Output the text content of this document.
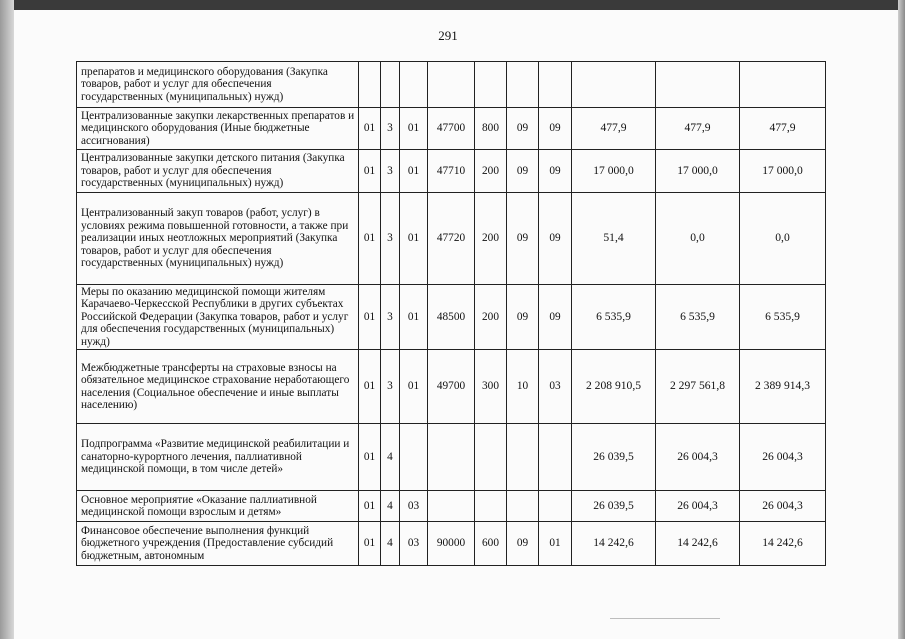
291
препаратов и медицинского оборудования (Закупка товаров, работ и услуг для обеспечения государственных (муниципальных) нужд)										
Централизованные закупки лекарственных препаратов и медицинского оборудования (Иные бюджетные ассигнования)	01	3	01	47700	800	09	09	477,9	477,9	477,9
Централизованные закупки детского питания (Закупка товаров, работ и услуг для обеспечения государственных (муниципальных) нужд)	01	3	01	47710	200	09	09	17 000,0	17 000,0	17 000,0
Централизованный закуп товаров (работ, услуг) в условиях режима повышенной готовности, а также при реализации иных неотложных мероприятий (Закупка товаров, работ и услуг для обеспечения государственных (муниципальных) нужд)	01	3	01	47720	200	09	09	51,4	0,0	0,0
Меры по оказанию медицинской помощи жителям Карачаево-Черкесской Республики в других субъектах Российской Федерации (Закупка товаров, работ и услуг для обеспечения государственных (муниципальных) нужд)	01	3	01	48500	200	09	09	6 535,9	6 535,9	6 535,9
Межбюджетные трансферты на страховые взносы на обязательное медицинское страхование неработающего населения (Социальное обеспечение и иные выплаты населению)	01	3	01	49700	300	10	03	2 208 910,5	2 297 561,8	2 389 914,3
Подпрограмма «Развитие медицинской реабилитации и санаторно-курортного лечения, паллиативной медицинской помощи, в том числе детей»	01	4						26 039,5	26 004,3	26 004,3
Основное мероприятие «Оказание паллиативной медицинской помощи взрослым и детям»	01	4	03					26 039,5	26 004,3	26 004,3
Финансовое обеспечение выполнения функций бюджетного учреждения (Предоставление субсидий бюджетным, автономным	01	4	03	90000	600	09	01	14 242,6	14 242,6	14 242,6
